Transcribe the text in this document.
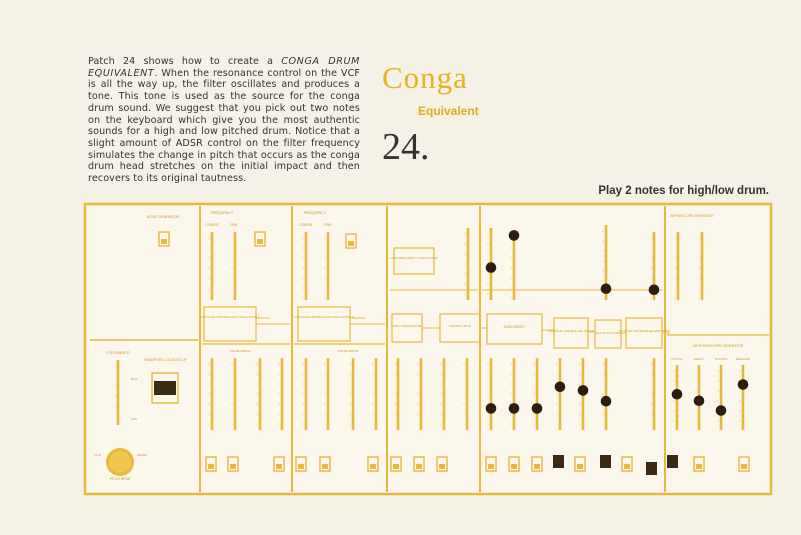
Patch 24 shows how to create a CONGA DRUM EQUIVALENT. When the resonance control on the VCF is all the way up, the filter oscillates and produces a tone. This tone is used as the source for the conga drum sound. We suggest that you pick out two notes on the keyboard which give you the most authentic sounds for a high and low pitched drum. Notice that a slight amount of ADSR control on the filter frequency simulates the change in pitch that occurs as the conga drum head stretches on the initial impact and then recovers to its original tautness.
Conga
Equivalent
24.
Play 2 notes for high/low drum.
NOISE GENERATOR
FREQUENCY	FREQUENCY
COARSE	FINE	COARSE	FINE
VOLTAGE CONTROLLED OSCILLATOR 1	VOLTAGE CONTROLLED OSCILLATOR 2
LOW FREQUENCY OSCILLATOR
RING MODULATOR	SAMPLE HOLD	AUDIO MIXER
VOLTAGE CONTROLLED FILTER HIGH PASS FILTER
VOLTAGE CONTROLLED AMPLIFIER
AR ENVELOPE GENERATOR
ADSR ENVELOPE GENERATOR
PORTAMENTO
TRANSPOSE 2 OCTAVES UP
PITCH BEND
PULSE WIDTH	PULSE WIDTH
MAX
MIN
FLAT	SHARP
ATTACK	DECAY	SUSTAIN	RELEASE
